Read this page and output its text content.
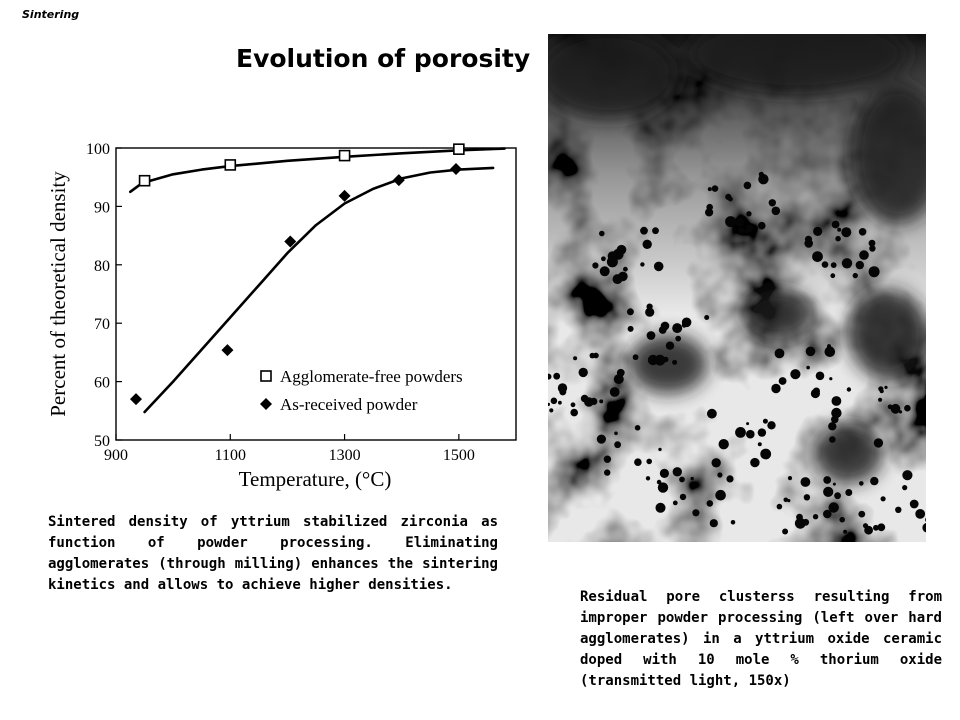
Sintering
Evolution of porosity
50
60
70
80
90
100
900	1100	1300	1500
Agglomerate-free powders
As-received powder
Percent of theoretical density
Temperature, (°C)
Sintered density of yttrium stabilized zirconia as function of powder processing. Eliminating agglomerates (through milling) enhances the sintering kinetics and allows to achieve higher densities.
Residual pore clusterss resulting from improper powder processing (left over hard agglomerates) in a yttrium oxide ceramic doped with 10 mole % thorium oxide (transmitted light, 150x)
